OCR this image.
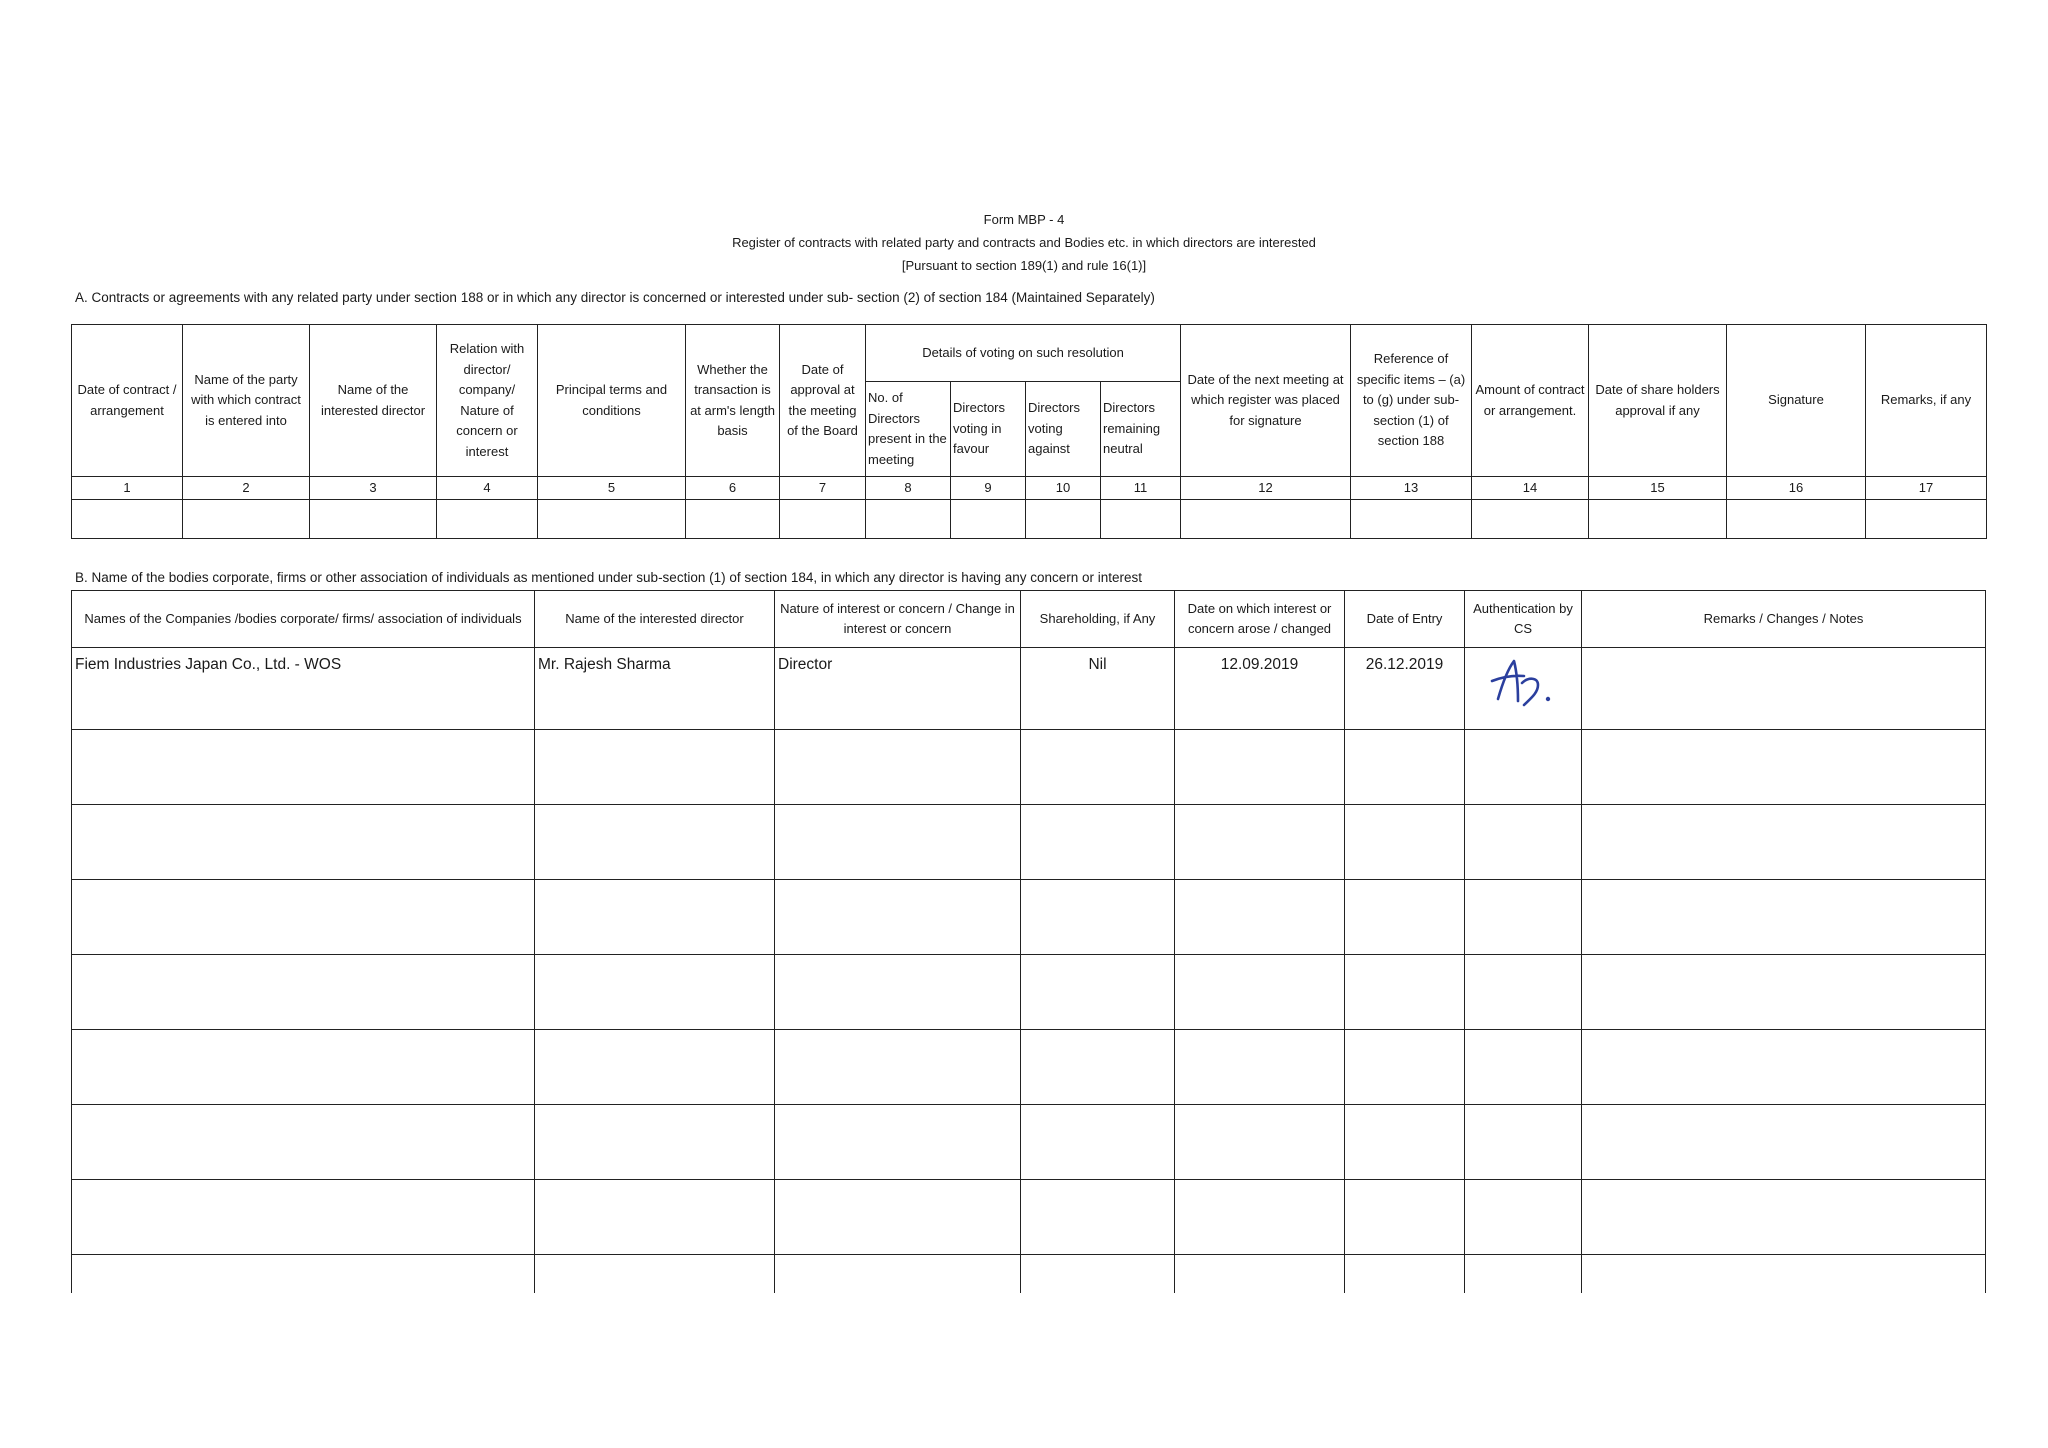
Form MBP - 4
Register of contracts with related party and contracts and Bodies etc. in which directors are interested
[Pursuant to section 189(1) and rule 16(1)]
A. Contracts or agreements with any related party under section 188 or in which any director is concerned or interested under sub- section (2) of section 184 (Maintained Separately)
Date of contract / arrangement	Name of the party with which contract is entered into	Name of the interested director	Relation with director/ company/ Nature of concern or interest	Principal terms and conditions	Whether the transaction is at arm's length basis	Date of approval at the meeting of the Board	Details of voting on such resolution				Date of the next meeting at which register was placed for signature	Reference of specific items – (a) to (g) under sub-section (1) of section 188	Amount of contract or arrangement.	Date of share holders approval if any	Signature	Remarks, if any
							No. of Directors present in the meeting	Directors voting in favour	Directors voting against	Directors remaining neutral						
1	2	3	4	5	6	7	8	9	10	11	12	13	14	15	16	17

B. Name of the bodies corporate, firms or other association of individuals as mentioned under sub-section (1) of section 184, in which any director is having any concern or interest
Names of the Companies /bodies corporate/ firms/ association of individuals	Name of the interested director	Nature of interest or concern / Change in interest or concern	Shareholding, if Any	Date on which interest or concern arose / changed	Date of Entry	Authentication by CS	Remarks / Changes / Notes
Fiem Industries Japan Co., Ltd. - WOS	Mr. Rajesh Sharma	Director	Nil	12.09.2019	26.12.2019	
